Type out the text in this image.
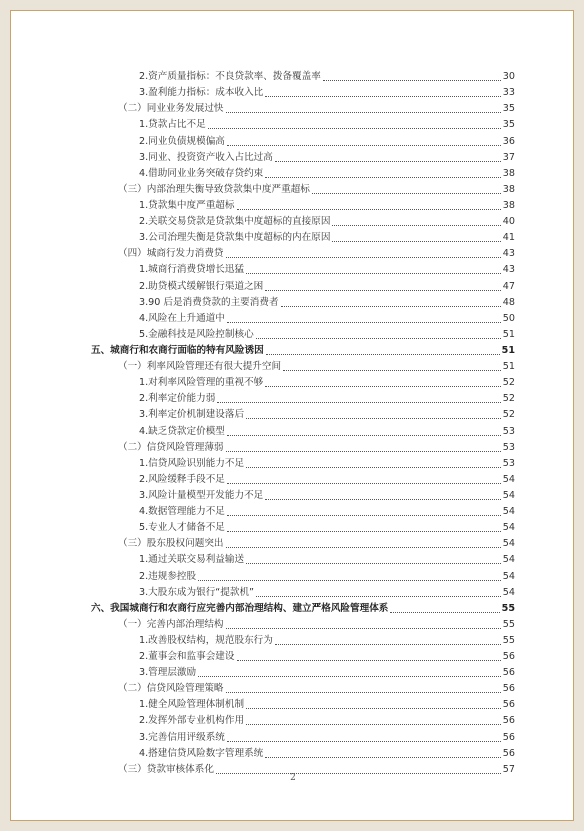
2.资产质量指标：不良贷款率、拨备覆盖率	30
3.盈利能力指标：成本收入比	33
（二）同业业务发展过快	35
1.贷款占比不足	35
2.同业负债规模偏高	36
3.同业、投资资产收入占比过高	37
4.借助同业业务突破存贷约束	38
（三）内部治理失衡导致贷款集中度严重超标	38
1.贷款集中度严重超标	38
2.关联交易贷款是贷款集中度超标的直接原因	40
3.公司治理失衡是贷款集中度超标的内在原因	41
（四）城商行发力消费贷	43
1.城商行消费贷增长迅猛	43
2.助贷模式缓解银行渠道之困	47
3.90 后是消费贷款的主要消费者	48
4.风险在上升通道中	50
5.金融科技是风险控制核心	51
五、城商行和农商行面临的特有风险诱因	51
（一）利率风险管理还有很大提升空间	51
1.对利率风险管理的重视不够	52
2.利率定价能力弱	52
3.利率定价机制建设落后	52
4.缺乏贷款定价模型	53
（二）信贷风险管理薄弱	53
1.信贷风险识别能力不足	53
2.风险缓释手段不足	54
3.风险计量模型开发能力不足	54
4.数据管理能力不足	54
5.专业人才储备不足	54
（三）股东股权问题突出	54
1.通过关联交易利益输送	54
2.违规参控股	54
3.大股东成为银行“提款机”	54
六、我国城商行和农商行应完善内部治理结构、建立严格风险管理体系	55
（一）完善内部治理结构	55
1.改善股权结构，规范股东行为	55
2.董事会和监事会建设	56
3.管理层激励	56
（二）信贷风险管理策略	56
1.健全风险管理体制机制	56
2.发挥外部专业机构作用	56
3.完善信用评级系统	56
4.搭建信贷风险数字管理系统	56
（三）贷款审核体系化	57
2
